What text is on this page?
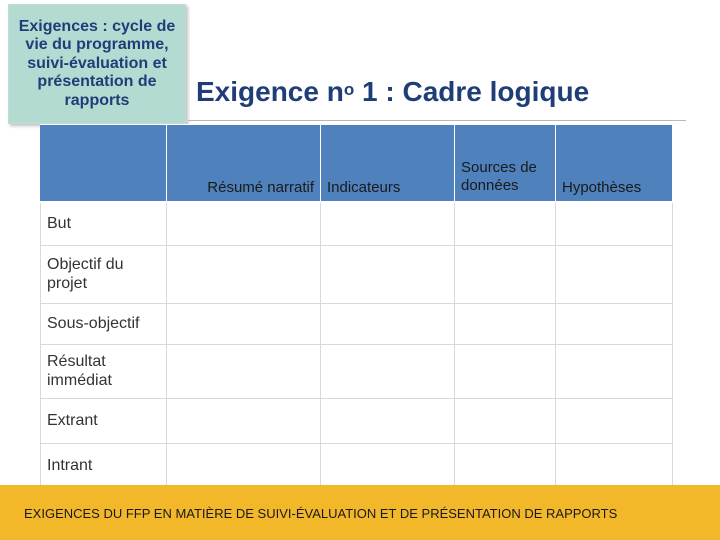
Exigences : cycle de
vie du programme,
suivi-évaluation et
présentation de
rapports	Exigence $n^o$ 1 : Cadre logique
	Résumé narratif	Indicateurs	Sources de données	Hypothèses
But				
Objectif du projet				
Sous-objectif				
Résultat immédiat				
Extrant				
Intrant				
EXIGENCES DU FFP EN MATIÈRE DE SUIVI-ÉVALUATION ET DE PRÉSENTATION DE RAPPORTS
